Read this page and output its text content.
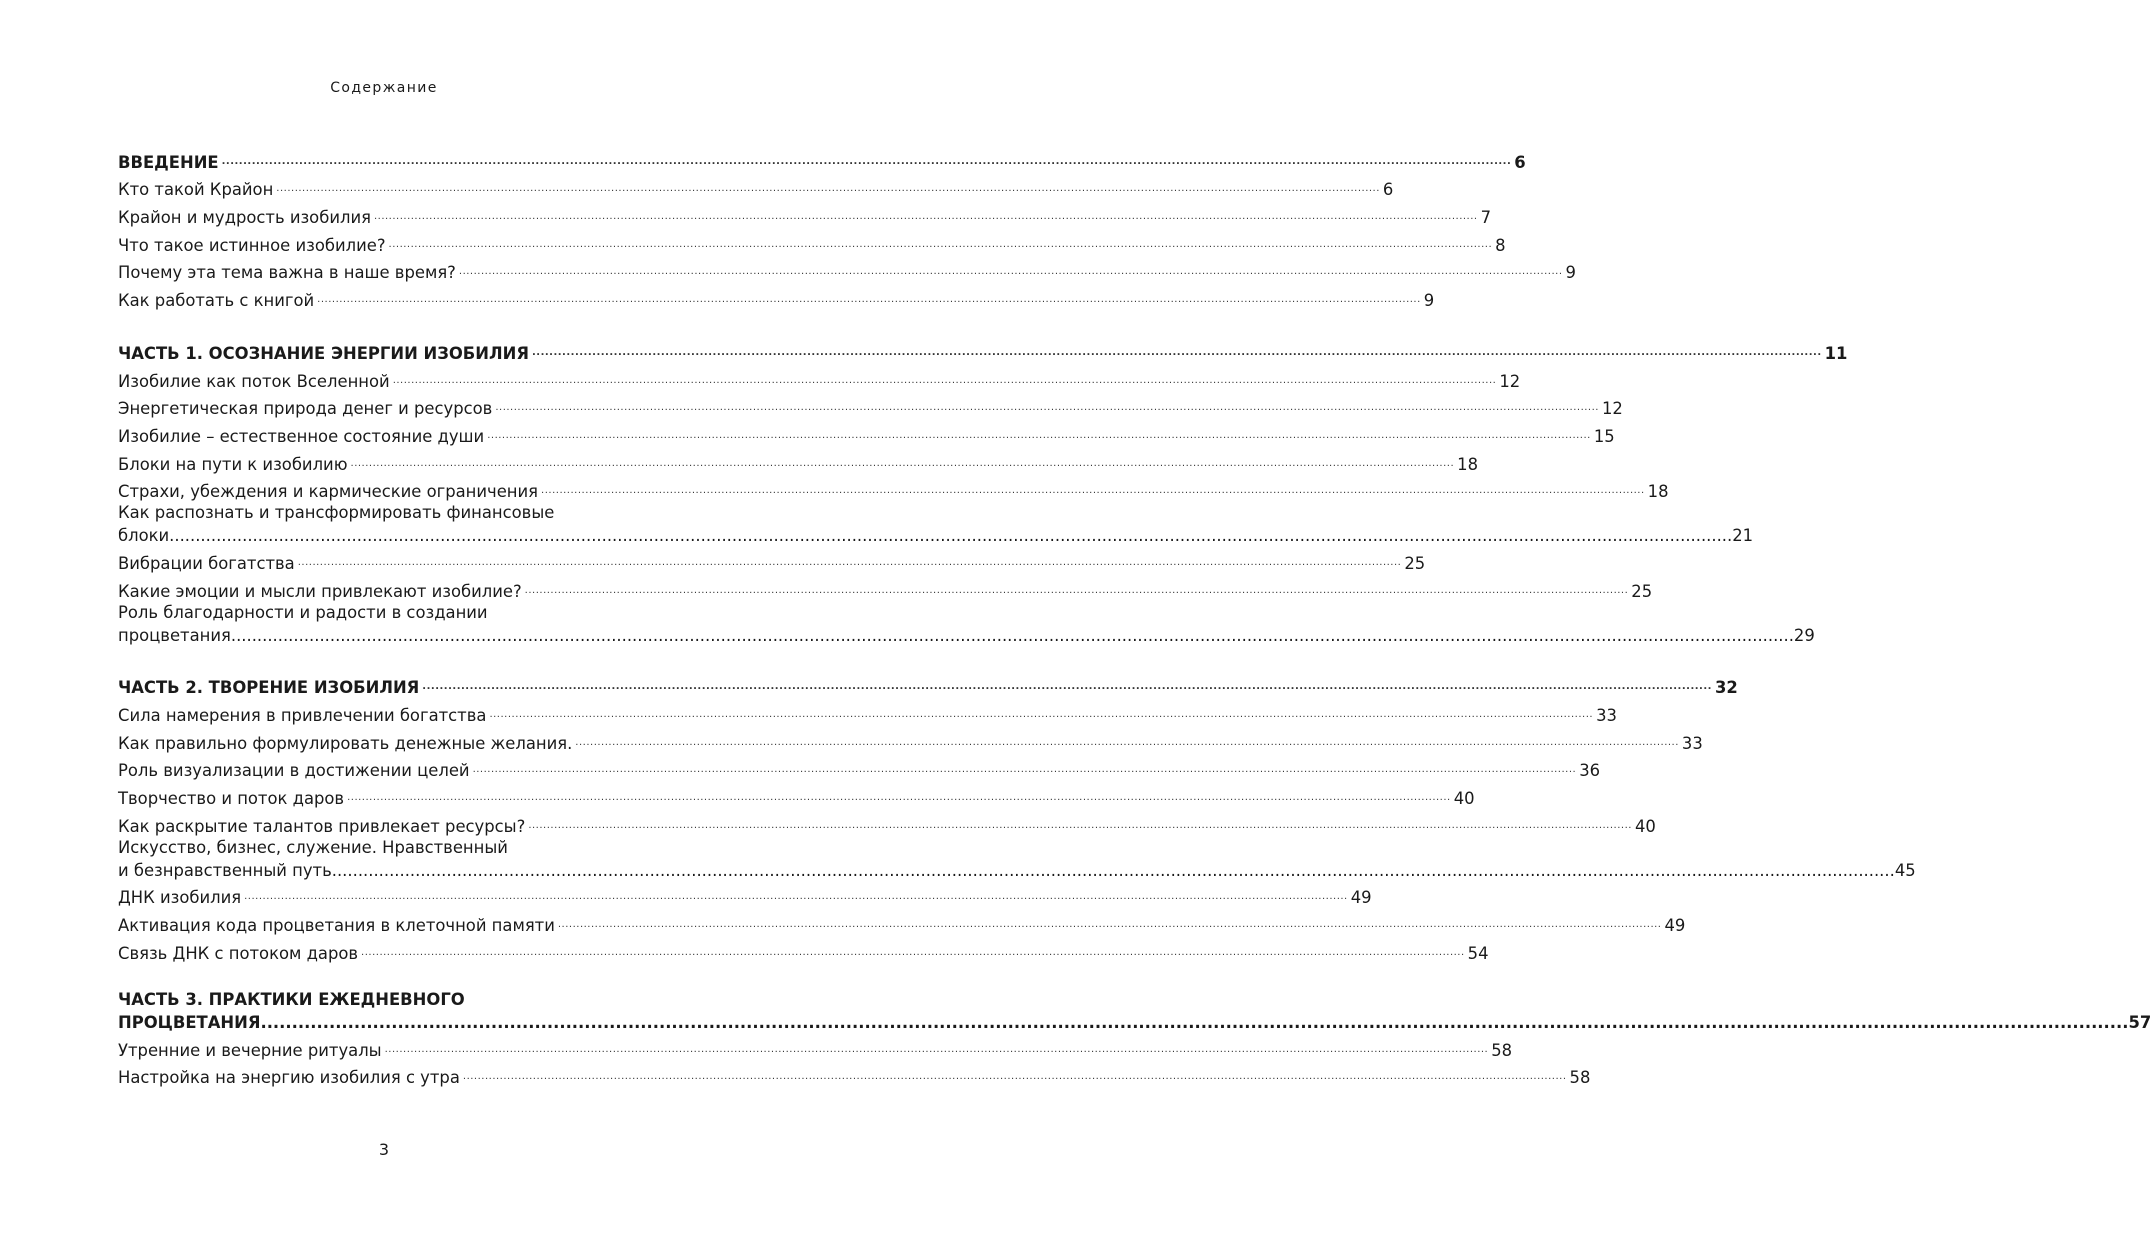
Содержание
ВВЕДЕНИЕ ............................................................................................................................................................................................................................................................................................................ 6
Кто такой Крайон ............................................................................................................................................................................................................................................................................................................ 6
Крайон и мудрость изобилия ............................................................................................................................................................................................................................................................................................................ 7
Что такое истинное изобилие? ............................................................................................................................................................................................................................................................................................................ 8
Почему эта тема важна в наше время? ............................................................................................................................................................................................................................................................................................................ 9
Как работать с книгой ............................................................................................................................................................................................................................................................................................................ 9
ЧАСТЬ 1. ОСОЗНАНИЕ ЭНЕРГИИ ИЗОБИЛИЯ ............................................................................................................................................................................................................................................................................................................ 11
Изобилие как поток Вселенной ............................................................................................................................................................................................................................................................................................................ 12
Энергетическая природа денег и ресурсов ............................................................................................................................................................................................................................................................................................................ 12
Изобилие – естественное состояние души ............................................................................................................................................................................................................................................................................................................ 15
Блоки на пути к изобилию ............................................................................................................................................................................................................................................................................................................ 18
Страхи, убеждения и кармические ограничения ............................................................................................................................................................................................................................................................................................................ 18
Как распознать и трансформировать финансовые
блоки ............................................................................................................................................................................................................................................................................................................ 21
Вибрации богатства ............................................................................................................................................................................................................................................................................................................ 25
Какие эмоции и мысли привлекают изобилие? ............................................................................................................................................................................................................................................................................................................ 25
Роль благодарности и радости в создании
процветания ............................................................................................................................................................................................................................................................................................................ 29
ЧАСТЬ 2. ТВОРЕНИЕ ИЗОБИЛИЯ ............................................................................................................................................................................................................................................................................................................ 32
Сила намерения в привлечении богатства ............................................................................................................................................................................................................................................................................................................ 33
Как правильно формулировать денежные желания. ............................................................................................................................................................................................................................................................................................................ 33
Роль визуализации в достижении целей ............................................................................................................................................................................................................................................................................................................ 36
Творчество и поток даров ............................................................................................................................................................................................................................................................................................................ 40
Как раскрытие талантов привлекает ресурсы? ............................................................................................................................................................................................................................................................................................................ 40
Искусство, бизнес, служение. Нравственный
и безнравственный путь ............................................................................................................................................................................................................................................................................................................ 45
ДНК изобилия ............................................................................................................................................................................................................................................................................................................ 49
Активация кода процветания в клеточной памяти ............................................................................................................................................................................................................................................................................................................ 49
Связь ДНК с потоком даров ............................................................................................................................................................................................................................................................................................................ 54
ЧАСТЬ 3. ПРАКТИКИ ЕЖЕДНЕВНОГО
ПРОЦВЕТАНИЯ ............................................................................................................................................................................................................................................................................................................ 57
Утренние и вечерние ритуалы ............................................................................................................................................................................................................................................................................................................ 58
Настройка на энергию изобилия с утра ............................................................................................................................................................................................................................................................................................................ 58
3
